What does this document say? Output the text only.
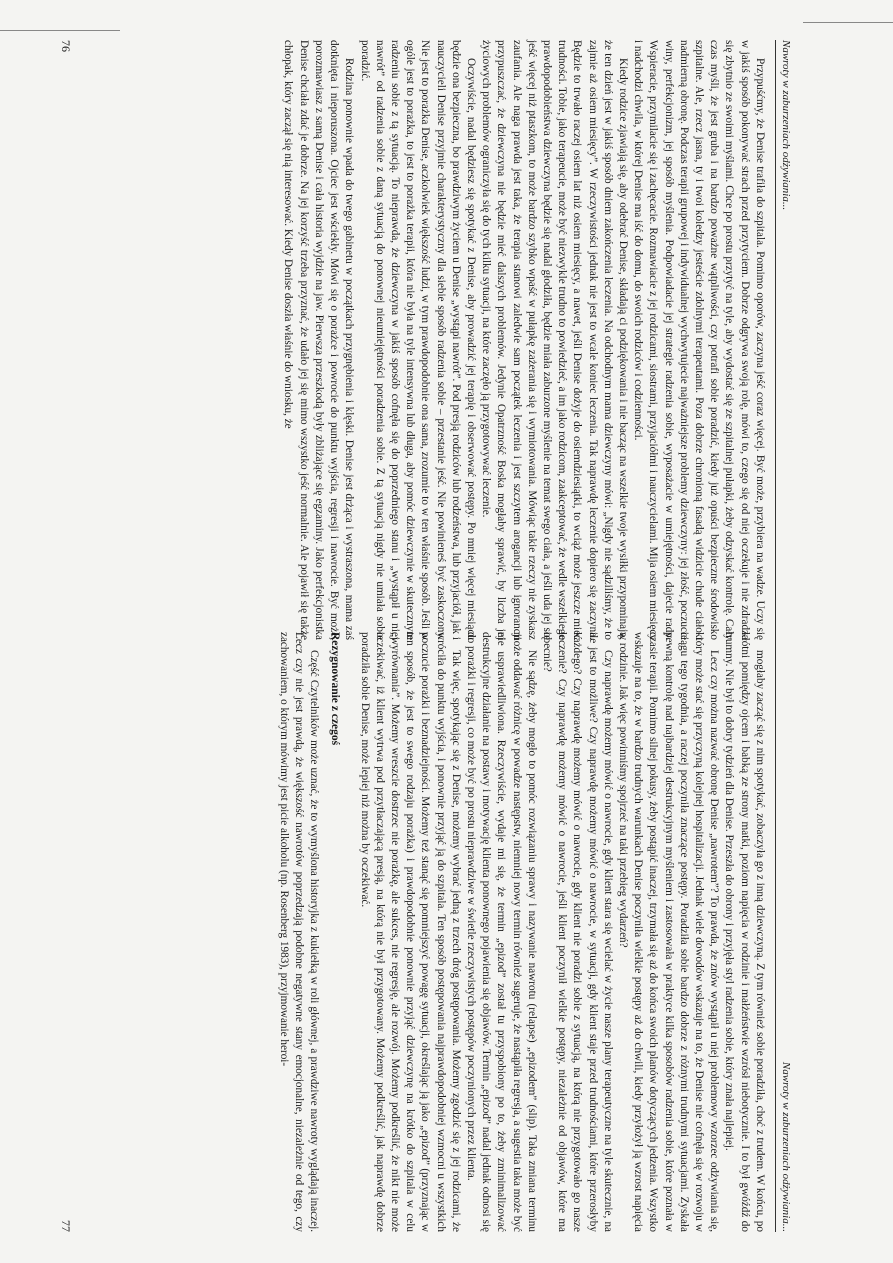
Nawroty w zaburzeniach odżywiania...

Przypuśćmy, że Denise trafiła do szpitala. Pomimo oporów, zaczyna jeść coraz więcej. Być może, przybiera na wadze. Uczy się w jakiś sposób pokonywać strach przed przytyciem. Dobrze odgrywa swoją rolę, mówi to, czego się od niej oczekuje i nie zdradza się zbytnio ze swoimi myślami. Chce po prostu przytyć na tyle, aby wydostać się ze szpitalnej pułapki, żeby odzyskać kontrolę. Cały czas myśli, że jest gruba i na bardzo poważne wątpliwości, czy potrafi sobie poradzić, kiedy już opuści bezpieczne środowisko szpitalne. Ale, rzecz jasna, ty i twoi koledzy jesteście zdolnymi terapeutami. Poza dobrze chronioną fasadą widzicie chude ciało i nadmierną obronę. Podczas terapii grupowej i indywidualnej wychwytujecie najważniejsze problemy dziewczyny: jej złość, poczucie winy, perfekcjonizm, jej sposób myślenia. Podpowiadacie jej strategie radzenia sobie, wyposażacie w umiejętności, dajecie rady. Wspieracie, przymilacie się i zachęcacie. Rozmawiacie z jej rodzicami, siostrami, przyjaciółmi i nauczycielami. Mija osiem miesięcy i nadchodzi chwila, w której Denise ma iść do domu, do swoich rodziców i codzienności.

Kiedy rodzice zjawiają się, aby odebrać Denise, składają ci podziękowania i nie bacząc na wszelkie twoje wysiłki przypominają, że ten dzień jest w jakiś sposób dniem zakończenia leczenia. Na odchodnym mama dziewczyny mówi: „Nigdy nie sądziliśmy, że to zajmie aż osiem miesięcy”. W rzeczywistości jednak nie jest to wcale koniec leczenia. Tak naprawdę leczenie dopiero się zaczyna. Będzie to trwało raczej osiem lat niż osiem miesięcy, a nawet, jeśli Denise dożyje do osiemdziesiątki, to wciąż może jeszcze mieć trudności. Tobie, jako terapeucie, może być niezwykle trudno to powiedzieć, a im jako rodzicom, zaakceptować, że wedle wszelkiego prawdopodobieństwa dziewczyna będzie się nadal głodziła, będzie miała zaburzone myślenie na temat swego ciała, a jeśli uda jej się jeść więcej niż ptaszkom, to może bardzo szybko wpaść w pułapkę zażerania się i wymiotowania. Mówiąc takie rzeczy nie zyskasz zaufania. Ale naga prawda jest taka, że terapia stanowi zaledwie sam początek leczenia i jest szczytem arogancji lub ignorancji przypuszczać, że dziewczyna nie będzie mieć dalszych problemów. Jedynie Opatrzność Boska mogłaby sprawić, by liczba jej życiowych problemów ograniczyła się do tych kilku sytuacji, na które zaczęło ją przygotowywać leczenie.

Oczywiście, nadal będziesz się spotykać z Denise, aby prowadzić jej terapię i obserwować postępy. Po mniej więcej miesiącu będzie ona bezpieczna, bo prawdziwym życiem u Denise „wystąpi nawrót”. Pod presją rodziców lub rodzeństwa, lub przyjaciół, jak i nauczycieli Denise przyjmie charakterystyczny dla siebie sposób radzenia sobie – przestanie jeść. Nie powinieneś być zaskoczony. Nie jest to porażka Denise, aczkolwiek większość ludzi, w tym prawdopodobnie ona sama, zrozumie to w ten właśnie sposób. Jeśli w ogóle jest to porażka, to jest to porażka terapii, która nie była na tyle intensywna lub długa, aby pomóc dziewczynie w skutecznym radzeniu sobie z tą sytuacją. To nieprawda, że dziewczyna w jakiś sposób cofnęła się do poprzedniego stanu i „wystąpił u niej nawrót” od radzenia sobie z daną sytuacją do ponownej nieumiejętności poradzenia sobie. Z tą sytuacją nigdy nie umiała sobie poradzić.

Rodzina ponownie wpada do twego gabinetu w początkach przygnębienia i klęski. Denise jest drżąca i wystraszona, mama zaś dotknięta i nieporuszona. Ojciec jest wściekły. Mówi się o porażce i powrocie do punktu wyjścia, regresji i nawrocie. Być może, porozmawiasz z samą Denise i cała historia wyjdzie na jaw. Pierwsza przeszkodą były zbliżające się egzaminy. Jako perfekcjonistka Denise chciała zdać je dobrze. Na jej korzyść trzeba przyznać, że udało jej się mimo wszystko jeść normalnie. Ale pojawił się także chłopak, który zaczął się nią interesować. Kiedy Denise doszła właśnie do wniosku, że

76
Nawroty w zaburzeniach odżywiania...

mogłaby zacząć się z nim spotykać, zobaczyła go z inną dziewczyną. Z tym również sobie poradziła, choć z trudem. W końcu, po kłótni pomiędzy ojcem i babką ze strony matki, poziom napięcia w rodzinie i małżeństwie wzrósł niebotycznie. I to był gwóźdź do trumny. Nie był to dobry tydzień dla Denise. Przeszła do obrony i przyjęła styl radzenia sobie, który znała najlepiej.

Lecz czy można nazwać obronę Denise „nawrotem”? To prawda, że znów wystąpił u niej problemowy wzorzec odżywiania się, który może stać się przyczyną kolejnej hospitalizacji. Jednak wiele dowodów wskazuje na to, że Denise nie cofnęła się w rozwoju w ciągu tego tygodnia, a raczej poczyniła znaczące postępy. Poradziła sobie bardzo dobrze z różnymi trudnymi sytuacjami. Zyskała pewną kontrolę nad najbardziej destrukcyjnym myśleniem i zastosowała w praktyce kilka sposobów radzenia sobie, które poznała w czasie terapii. Pomimo silnej pokusy, żeby postąpić inaczej, trzymała się aż do końca swoich planów dotyczących jedzenia. Wszystko wskazuje na to, że w bardzo trudnych warunkach Denise poczyniła wielkie postępy aż do chwili, kiedy przyłożył ją wzrost napięcia w rodzinie. Jak więc powinniśmy spojrzeć na taki przebieg wydarzeń?

Czy naprawdę możemy mówić o nawrocie, gdy klient stara się wcielać w życie nasze plany terapeutyczne na tyle skutecznie, na ile jest to możliwe? Czy naprawdę możemy mówić o nawrocie, w sytuacji, gdy klient staje przed trudnościami, które przerosłyby każdego? Czy naprawdę możemy mówić o nawrocie, gdy klient nie poradzi sobie z sytuacją, na którą nie przygotowało go nasze leczenie? Czy naprawdę możemy mówić o nawrocie, jeśli klient poczynił wielkie postępy, niezależnie od objawów, które ma obecnie?

Nie sądzę, żeby mogło to pomóc rozwiązaniu sprawy i nazywanie nawrotu (relapse) „epizodem” (slip). Taka zmiana terminu może oddawać różnicę w powadze następstw, niemniej nowy termin również sugeruje, że nastąpiła regresja, a sugestia taka może być nie usprawiedliwiona. Rzeczywiście, wydaje mi się, że termin „epizod” został tu przyspobiony po to, żeby zminimalizować destrukcyjne działanie na postawy i motywację klienta ponownego pojawienia się objawów. Termin „epizod” nadal jednak odnosi się do porażki i regresji, co może być po prostu nieprawdziwe w świetle rzeczywistych postępów poczynionych przez klienta.

Tak więc, spotykając się z Denise, możemy wybrać jedną z trzech dróg postępowania. Możemy zgodzić się z jej rodzicami, że wróciła do punktu wyjścia, i ponownie przyjąć ją do szpitala. Ten sposób postępowania najprawdopodobniej wzmocni u wszystkich poczucie porażki i beznadziejności. Możemy też stanąć się pomniejszyć powagę sytuacji, określając ją jako „epizod” (przyznając w ten sposób, że jest to swego rodzaju porażka) i prawdopodobnie ponownie przyjąć dziewczynę na krótko do szpitala w celu „wyrównania”. Możemy wreszcie dostrzec nie porażkę, ale sukces, nie regresję, ale rozwój. Możemy podkreślić, że nikt nie może oczekiwać, iż klient wytrwa pod przytłaczającą presją, na którą nie był przygotowany. Możemy podkreślić, jak naprawdę dobrze poradziła sobie Denise, może lepiej niż można by oczekiwać.

Rezygnowanie z czegoś

Część Czytelników może uznać, że to wymyślona historyjka z kukiełką w roli głównej, a prawdziwe nawroty wyglądają inaczej. Lecz czy nie jest prawdą, że większość nawrotów poprzedzają podobne negatywne stany emocjonalne, niezależnie od tego, czy zachowaniem, o którym mówimy jest picie alkoholu (np. Rosenberg 1983), przyjmowanie heroi-

77
